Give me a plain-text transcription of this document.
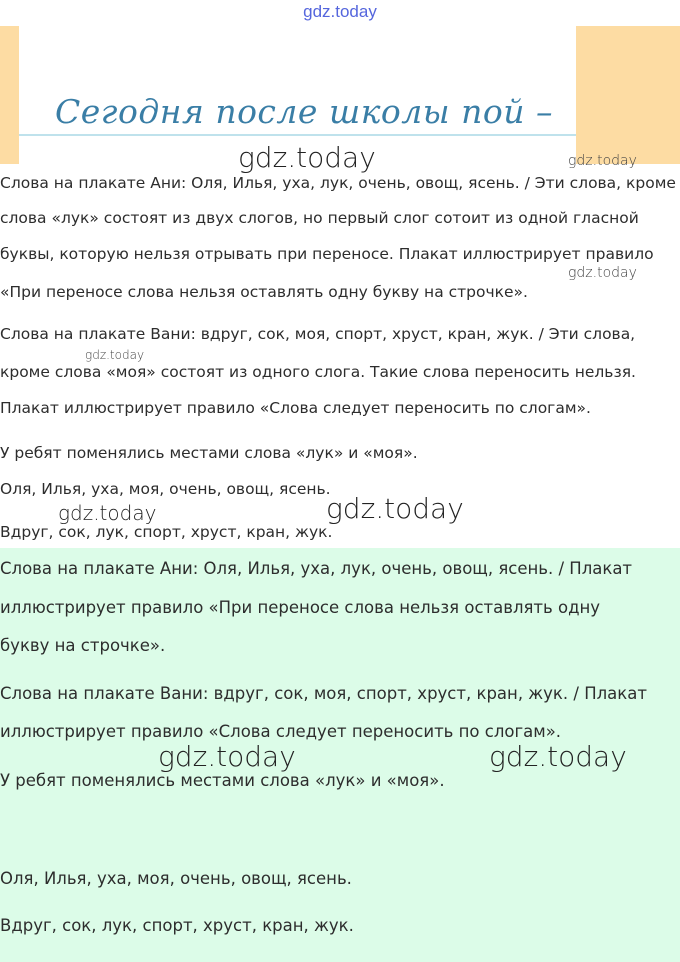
gdz.today
Сегодня после школы пой –
Слова на плакате Ани: Оля, Илья, уха, лук, очень, овощ, ясень. / Эти слова, кроме
слова «лук» состоят из двух слогов, но первый слог сотоит из одной гласной
буквы, которую нельзя отрывать при переносе. Плакат иллюстрирует правило
«При переносе слова нельзя оставлять одну букву на строчке».
Слова на плакате Вани: вдруг, сок, моя, спорт, хруст, кран, жук. / Эти слова,
кроме слова «моя» состоят из одного слога. Такие слова переносить нельзя.
Плакат иллюстрирует правило «Слова следует переносить по слогам».
У ребят поменялись местами слова «лук» и «моя».
Оля, Илья, уха, моя, очень, овощ, ясень.
Вдруг, сок, лук, спорт, хруст, кран, жук.
Слова на плакате Ани: Оля, Илья, уха, лук, очень, овощ, ясень. / Плакат
иллюстрирует правило «При переносе слова нельзя оставлять одну
букву на строчке».
Слова на плакате Вани: вдруг, сок, моя, спорт, хруст, кран, жук. / Плакат
иллюстрирует правило «Слова следует переносить по слогам».
У ребят поменялись местами слова «лук» и «моя».
Оля, Илья, уха, моя, очень, овощ, ясень.
Вдруг, сок, лук, спорт, хруст, кран, жук.
gdz.today	gdz.today
gdz.today
gdz.today
gdz.today
gdz.today
gdz.today	gdz.today
